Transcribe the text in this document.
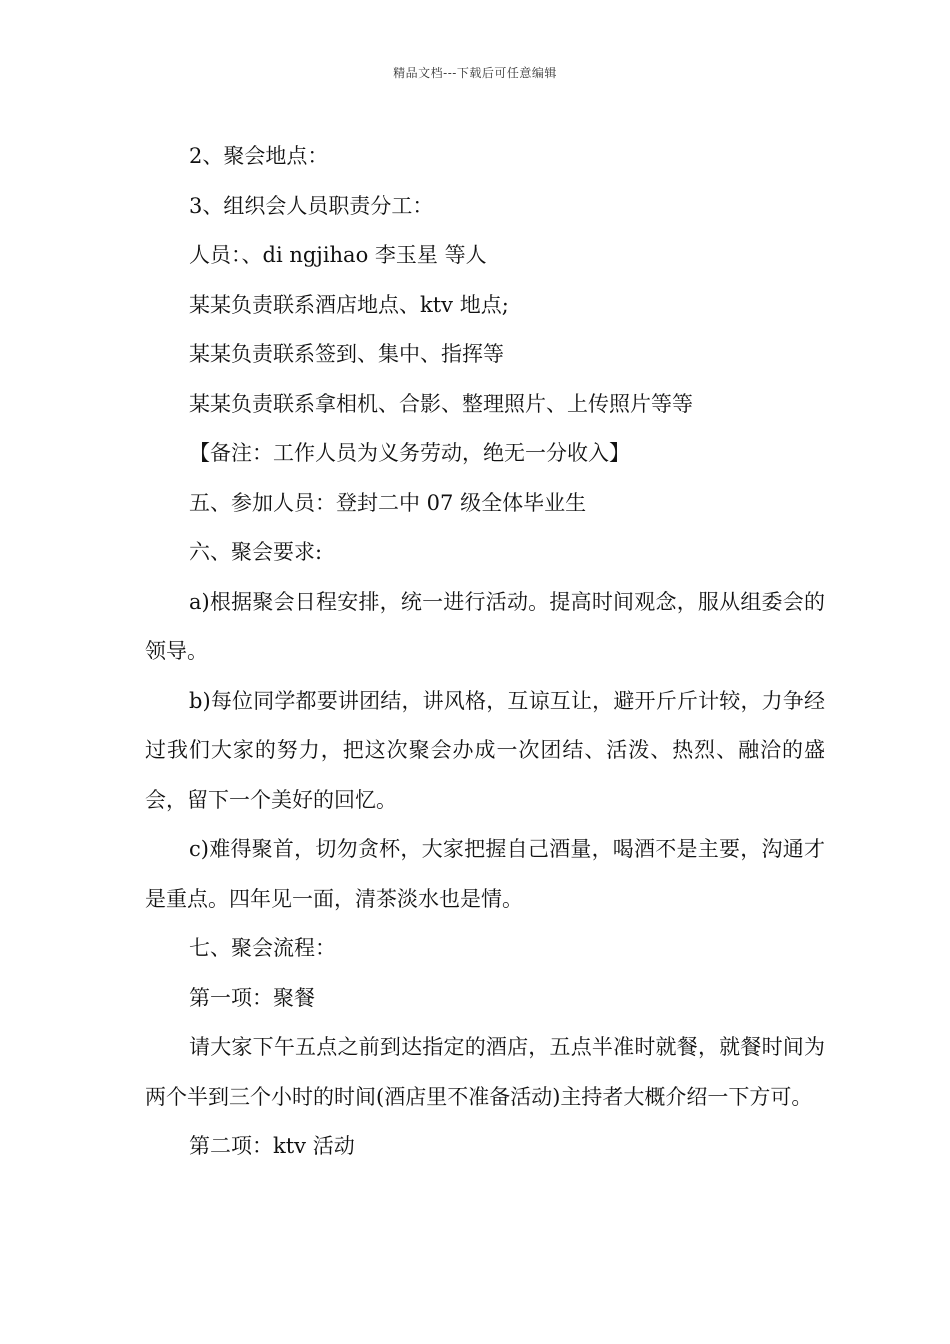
精品文档---下载后可任意编辑

2、聚会地点：

3、组织会人员职责分工：

人员：、di ngjihao 李玉星 等人

某某负责联系酒店地点、ktv 地点;

某某负责联系签到、集中、指挥等

某某负责联系拿相机、合影、整理照片、上传照片等等

【备注：工作人员为义务劳动，绝无一分收入】

五、参加人员：登封二中 07 级全体毕业生

六、聚会要求:

a)根据聚会日程安排，统一进行活动。提高时间观念，服从组委会的领导。

b)每位同学都要讲团结，讲风格，互谅互让，避开斤斤计较，力争经过我们大家的努力，把这次聚会办成一次团结、活泼、热烈、融洽的盛会，留下一个美好的回忆。

c)难得聚首，切勿贪杯，大家把握自己酒量，喝酒不是主要，沟通才是重点。四年见一面，清茶淡水也是情。

七、聚会流程：

第一项：聚餐

请大家下午五点之前到达指定的酒店，五点半准时就餐，就餐时间为两个半到三个小时的时间(酒店里不准备活动)主持者大概介绍一下方可。

第二项：ktv 活动
